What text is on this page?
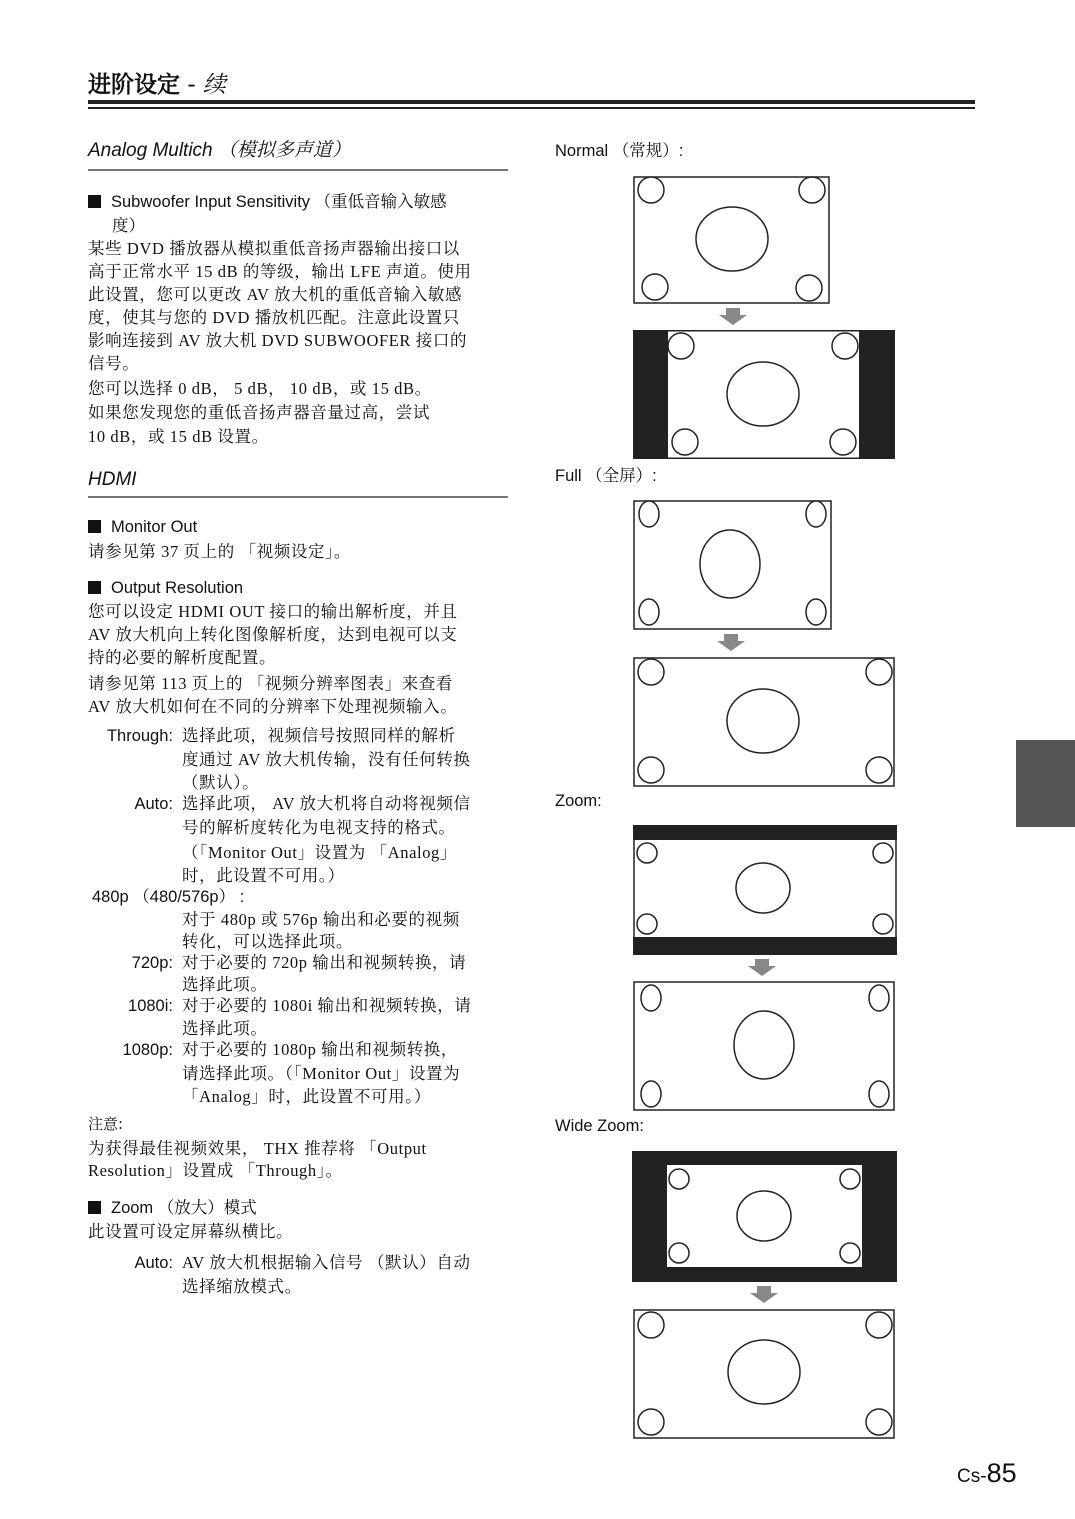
进阶设定 - 续
Analog Multich （模拟多声道）
Subwoofer Input Sensitivity （重低音输入敏感
度）
某些 DVD 播放器从模拟重低音扬声器输出接口以
高于正常水平 15 dB 的等级，输出 LFE 声道。使用
此设置，您可以更改 AV 放大机的重低音输入敏感
度，使其与您的 DVD 播放机匹配。注意此设置只
影响连接到 AV 放大机 DVD SUBWOOFER 接口的
信号。
您可以选择 0 dB， 5 dB， 10 dB，或 15 dB。
如果您发现您的重低音扬声器音量过高，尝试
10 dB，或 15 dB 设置。
HDMI
Monitor Out
请参见第 37 页上的 「视频设定」。
Output Resolution
您可以设定 HDMI OUT 接口的输出解析度，并且
AV 放大机向上转化图像解析度，达到电视可以支
持的必要的解析度配置。
请参见第 113 页上的 「视频分辨率图表」来查看
AV 放大机如何在不同的分辨率下处理视频输入。
Through: 选择此项，视频信号按照同样的解析
度通过 AV 放大机传输，没有任何转换
（默认）。
Auto: 选择此项， AV 放大机将自动将视频信
号的解析度转化为电视支持的格式。
（「Monitor Out」设置为 「Analog」
时，此设置不可用。）
480p （480/576p） :
对于 480p 或 576p 输出和必要的视频
转化，可以选择此项。
720p: 对于必要的 720p 输出和视频转换，请
选择此项。
1080i: 对于必要的 1080i 输出和视频转换，请
选择此项。
1080p: 对于必要的 1080p 输出和视频转换，
请选择此项。（「Monitor Out」设置为
「Analog」时，此设置不可用。）
注意:
为获得最佳视频效果， THX 推荐将 「Output
Resolution」设置成 「Through」。
Zoom （放大）模式
此设置可设定屏幕纵横比。
Auto: AV 放大机根据输入信号 （默认）自动
选择缩放模式。
Normal （常规）:
Full （全屏）:
Zoom:
Wide Zoom:
Cs-85
